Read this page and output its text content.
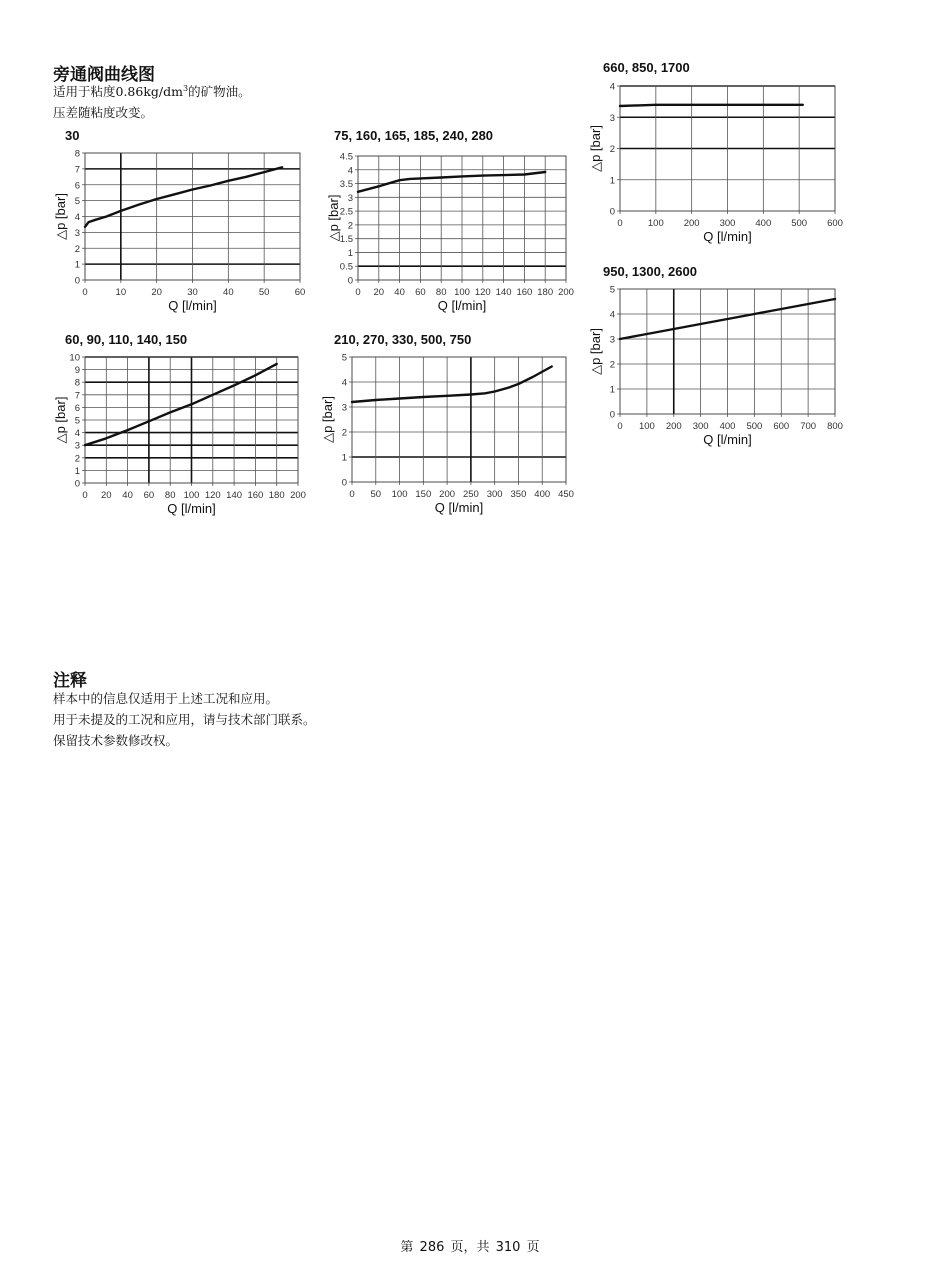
旁通阀曲线图
适用于粘度$0.86kg/dm^3$的矿物油。
压差随粘度改变。
30	75, 160, 165, 185, 240, 280
660, 850, 1700
950, 1300, 2600
60, 90, 110, 140, 150	210, 270, 330, 500, 750
0
1
2
3
4
5
6
7
8
0	10	20	30	40	50	60
Q [l/min]
△p [bar]
0
0.5
1
1.5
2
2.5
3
3.5
4
4.5
0 20 40 60 80 100 120 140 160 180 200
Q [l/min]
△p [bar]	0
1
2
3
4
0	100 200 300 400 500 600
Q [l/min]
△p [bar]
0
1
2
3
4
5
0 100 200 300 400 500 600 700 800
Q [l/min]
△p [bar]
0
1
2
3
4
5
6
7
8
9
10
0 20 40 60 80 100 120 140 160 180 200
Q [l/min]
△p [bar]
0
1
2
3
4
5
0 50 100 150 200 250 300 350 400 450
Q [l/min]
△p [bar]
注释
样本中的信息仅适用于上述工况和应用。
用于未提及的工况和应用，请与技术部门联系。
保留技术参数修改权。
第 286 页，共 310 页
